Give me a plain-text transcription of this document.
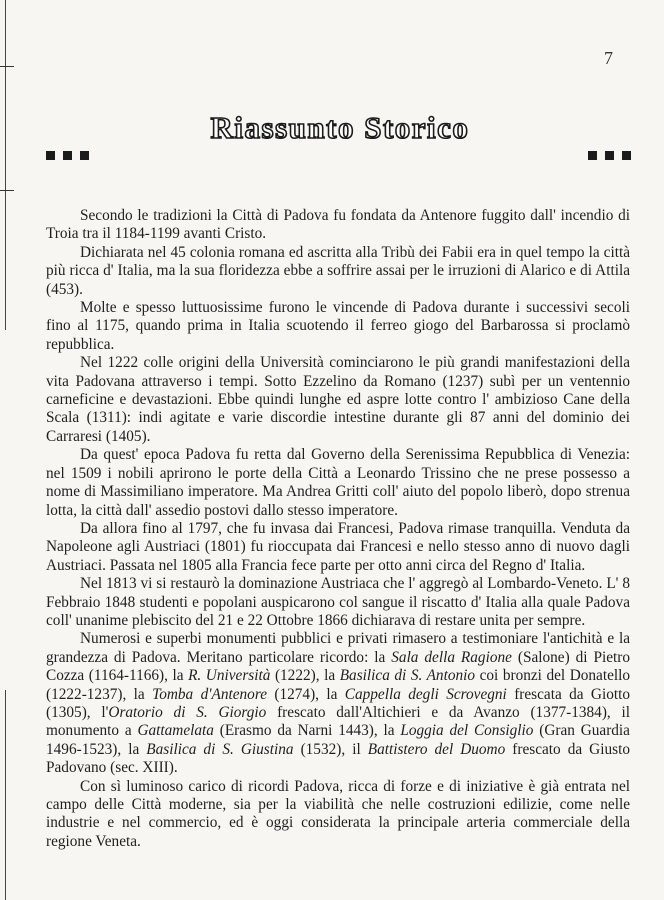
7
Riassunto Storico

Secondo le tradizioni la Città di Padova fu fondata da Antenore fuggito dall' incendio di Troia tra il 1184-1199 avanti Cristo.

Dichiarata nel 45 colonia romana ed ascritta alla Tribù dei Fabii era in quel tempo la città più ricca d' Italia, ma la sua floridezza ebbe a soffrire assai per le irruzioni di Alarico e di Attila (453).

Molte e spesso luttuosissime furono le vincende di Padova durante i successivi secoli fino al 1175, quando prima in Italia scuotendo il ferreo giogo del Barbarossa si proclamò repubblica.

Nel 1222 colle origini della Università cominciarono le più grandi manifestazioni della vita Padovana attraverso i tempi. Sotto Ezzelino da Romano (1237) subì per un ventennio carneficine e devastazioni. Ebbe quindi lunghe ed aspre lotte contro l' ambizioso Cane della Scala (1311): indi agitate e varie discordie intestine durante gli 87 anni del dominio dei Carraresi (1405).

Da quest' epoca Padova fu retta dal Governo della Serenissima Repubblica di Venezia: nel 1509 i nobili aprirono le porte della Città a Leonardo Trissino che ne prese possesso a nome di Massimiliano imperatore. Ma Andrea Gritti coll' aiuto del popolo liberò, dopo strenua lotta, la città dall' assedio postovi dallo stesso imperatore.

Da allora fino al 1797, che fu invasa dai Francesi, Padova rimase tranquilla. Venduta da Napoleone agli Austriaci (1801) fu rioccupata dai Francesi e nello stesso anno di nuovo dagli Austriaci. Passata nel 1805 alla Francia fece parte per otto anni circa del Regno d' Italia.

Nel 1813 vi si restaurò la dominazione Austriaca che l' aggregò al Lombardo-Veneto. L' 8 Febbraio 1848 studenti e popolani auspicarono col sangue il riscatto d' Italia alla quale Padova coll' unanime plebiscito del 21 e 22 Ottobre 1866 dichiarava di restare unita per sempre.

Numerosi e superbi monumenti pubblici e privati rimasero a testimoniare l'antichità e la grandezza di Padova. Meritano particolare ricordo: la Sala della Ragione (Salone) di Pietro Cozza (1164-1166), la R. Università (1222), la Basilica di S. Antonio coi bronzi del Donatello (1222-1237), la Tomba d'Antenore (1274), la Cappella degli Scrovegni frescata da Giotto (1305), l'Oratorio di S. Giorgio frescato dall'Altichieri e da Avanzo (1377-1384), il monumento a Gattamelata (Erasmo da Narni 1443), la Loggia del Consiglio (Gran Guardia 1496-1523), la Basilica di S. Giustina (1532), il Battistero del Duomo frescato da Giusto Padovano (sec. XIII).

Con sì luminoso carico di ricordi Padova, ricca di forze e di iniziative è già entrata nel campo delle Città moderne, sia per la viabilità che nelle costruzioni edilizie, come nelle industrie e nel commercio, ed è oggi considerata la principale arteria commerciale della regione Veneta.
